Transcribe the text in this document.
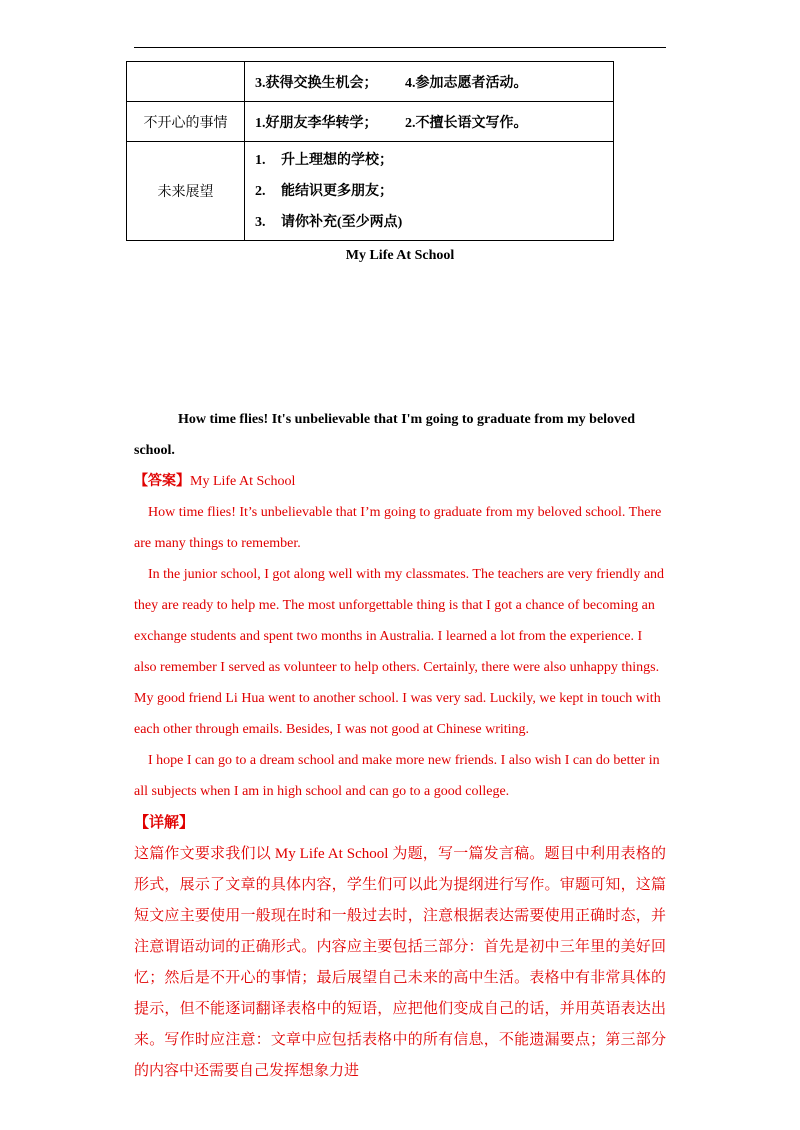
	3.获得交换生机会； 4.参加志愿者活动。
不开心的事情	1.好朋友李华转学； 2.不擅长语文写作。
未来展望	1. 升上理想的学校；
2. 能结识更多朋友；
3. 请你补充(至少两点)
My Life At School
How time flies! It's unbelievable that I'm going to graduate from my beloved school.
【答案】My Life At School

How time flies! It’s unbelievable that I’m going to graduate from my beloved school. There are many things to remember.

In the junior school, I got along well with my classmates. The teachers are very friendly and they are ready to help me. The most unforgettable thing is that I got a chance of becoming an exchange students and spent two months in Australia. I learned a lot from the experience. I also remember I served as volunteer to help others. Certainly, there were also unhappy things. My good friend Li Hua went to another school. I was very sad. Luckily, we kept in touch with each other through emails. Besides, I was not good at Chinese writing.

I hope I can go to a dream school and make more new friends. I also wish I can do better in all subjects when I am in high school and can go to a good college.

【详解】
这篇作文要求我们以 My Life At School 为题，写一篇发言稿。题目中利用表格的形式，展示了文章的具体内容，学生们可以此为提纲进行写作。审题可知，这篇短文应主要使用一般现在时和一般过去时，注意根据表达需要使用正确时态，并注意谓语动词的正确形式。内容应主要包括三部分：首先是初中三年里的美好回忆；然后是不开心的事情；最后展望自己未来的高中生活。表格中有非常具体的提示，但不能逐词翻译表格中的短语，应把他们变成自己的话，并用英语表达出来。写作时应注意：文章中应包括表格中的所有信息，不能遗漏要点；第三部分的内容中还需要自己发挥想象力进
